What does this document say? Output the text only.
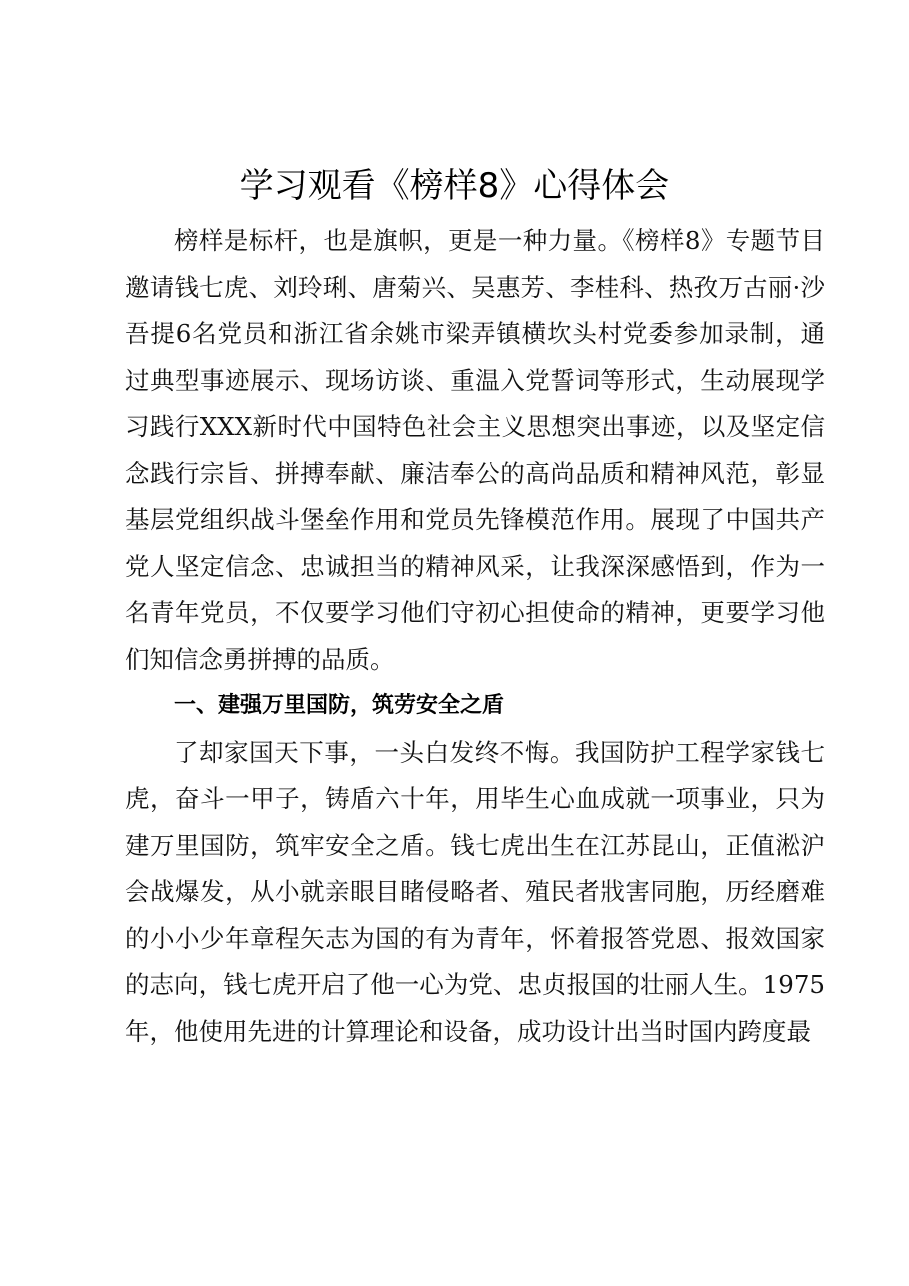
学习观看《榜样8》心得体会

榜样是标杆，也是旗帜，更是一种力量。《榜样8》专题节目邀请钱七虎、刘玲琍、唐菊兴、吴惠芳、李桂科、热孜万古丽·沙吾提6名党员和浙江省余姚市梁弄镇横坎头村党委参加录制，通过典型事迹展示、现场访谈、重温入党誓词等形式，生动展现学习践行XXX新时代中国特色社会主义思想突出事迹，以及坚定信念践行宗旨、拼搏奉献、廉洁奉公的高尚品质和精神风范，彰显基层党组织战斗堡垒作用和党员先锋模范作用。展现了中国共产党人坚定信念、忠诚担当的精神风采，让我深深感悟到，作为一名青年党员，不仅要学习他们守初心担使命的精神，更要学习他们知信念勇拼搏的品质。

一、建强万里国防，筑劳安全之盾

了却家国天下事，一头白发终不悔。我国防护工程学家钱七虎，奋斗一甲子，铸盾六十年，用毕生心血成就一项事业，只为建万里国防，筑牢安全之盾。钱七虎出生在江苏昆山，正值淞沪会战爆发，从小就亲眼目睹侵略者、殖民者戕害同胞，历经磨难的小小少年章程矢志为国的有为青年，怀着报答党恩、报效国家的志向，钱七虎开启了他一心为党、忠贞报国的壮丽人生。1975年，他使用先进的计算理论和设备，成功设计出当时国内跨度最
